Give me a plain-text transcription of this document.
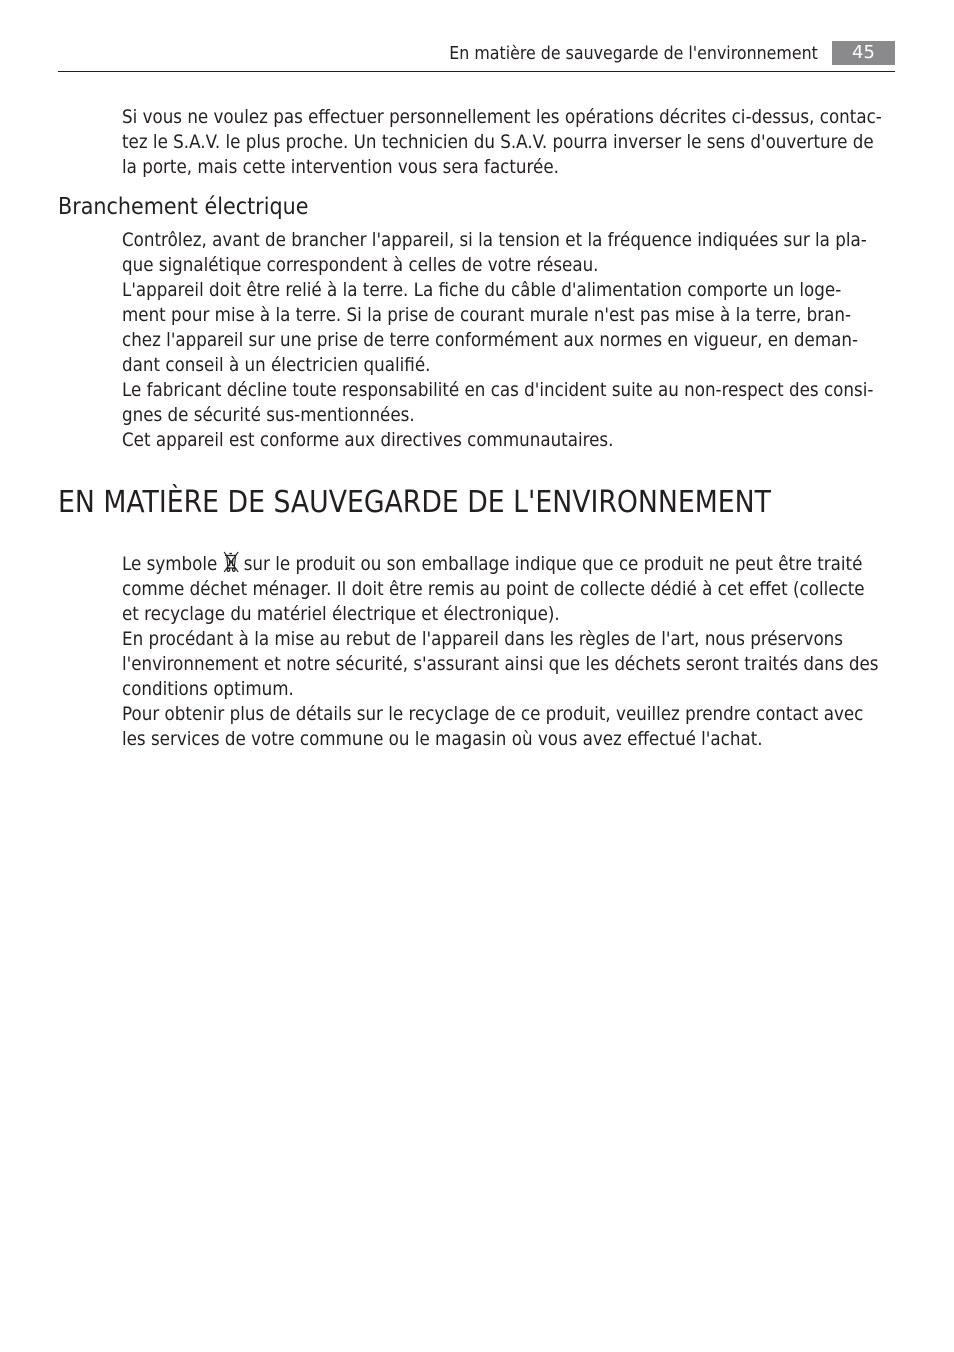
En matière de sauvegarde de l'environnement	45

Si vous ne voulez pas effectuer personnellement les opérations décrites ci-dessus, contac-

tez le S.A.V. le plus proche. Un technicien du S.A.V. pourra inverser le sens d'ouverture de

la porte, mais cette intervention vous sera facturée.

Branchement électrique

Contrôlez, avant de brancher l'appareil, si la tension et la fréquence indiquées sur la pla-

que signalétique correspondent à celles de votre réseau.

L'appareil doit être relié à la terre. La fiche du câble d'alimentation comporte un loge-

ment pour mise à la terre. Si la prise de courant murale n'est pas mise à la terre, bran-

chez l'appareil sur une prise de terre conformément aux normes en vigueur, en deman-

dant conseil à un électricien qualifié.

Le fabricant décline toute responsabilité en cas d'incident suite au non-respect des consi-

gnes de sécurité sus-mentionnées.

Cet appareil est conforme aux directives communautaires.

EN MATIÈRE DE SAUVEGARDE DE L'ENVIRONNEMENT

Le symbole sur le produit ou son emballage indique que ce produit ne peut être traité

comme déchet ménager. Il doit être remis au point de collecte dédié à cet effet (collecte

et recyclage du matériel électrique et électronique).

En procédant à la mise au rebut de l'appareil dans les règles de l'art, nous préservons

l'environnement et notre sécurité, s'assurant ainsi que les déchets seront traités dans des

conditions optimum.

Pour obtenir plus de détails sur le recyclage de ce produit, veuillez prendre contact avec

les services de votre commune ou le magasin où vous avez effectué l'achat.
